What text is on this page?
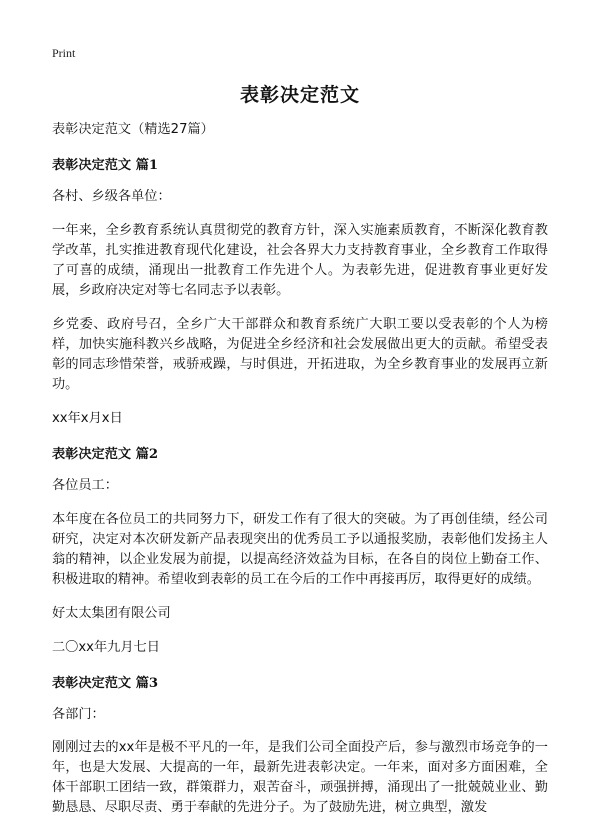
Print
表彰决定范文

表彰决定范文（精选27篇）

表彰决定范文 篇1

各村、乡级各单位：

一年来，全乡教育系统认真贯彻党的教育方针，深入实施素质教育，不断深化教育教学改革，扎实推进教育现代化建设，社会各界大力支持教育事业，全乡教育工作取得了可喜的成绩，涌现出一批教育工作先进个人。为表彰先进，促进教育事业更好发展，乡政府决定对等七名同志予以表彰。

乡党委、政府号召，全乡广大干部群众和教育系统广大职工要以受表彰的个人为榜样，加快实施科教兴乡战略，为促进全乡经济和社会发展做出更大的贡献。希望受表彰的同志珍惜荣誉，戒骄戒躁，与时俱进，开拓进取，为全乡教育事业的发展再立新功。

xx年x月x日

表彰决定范文 篇2

各位员工：

本年度在各位员工的共同努力下，研发工作有了很大的突破。为了再创佳绩，经公司研究，决定对本次研发新产品表现突出的优秀员工予以通报奖励，表彰他们发扬主人翁的精神，以企业发展为前提，以提高经济效益为目标，在各自的岗位上勤奋工作、积极进取的精神。希望收到表彰的员工在今后的工作中再接再厉，取得更好的成绩。

好太太集团有限公司

二〇xx年九月七日

表彰决定范文 篇3

各部门：

刚刚过去的xx年是极不平凡的一年，是我们公司全面投产后，参与激烈市场竞争的一年，也是大发展、大提高的一年，最新先进表彰决定。一年来，面对多方面困难，全体干部职工团结一致，群策群力，艰苦奋斗，顽强拼搏，涌现出了一批兢兢业业、勤勤恳恳、尽职尽责、勇于奉献的先进分子。为了鼓励先进，树立典型，激发
